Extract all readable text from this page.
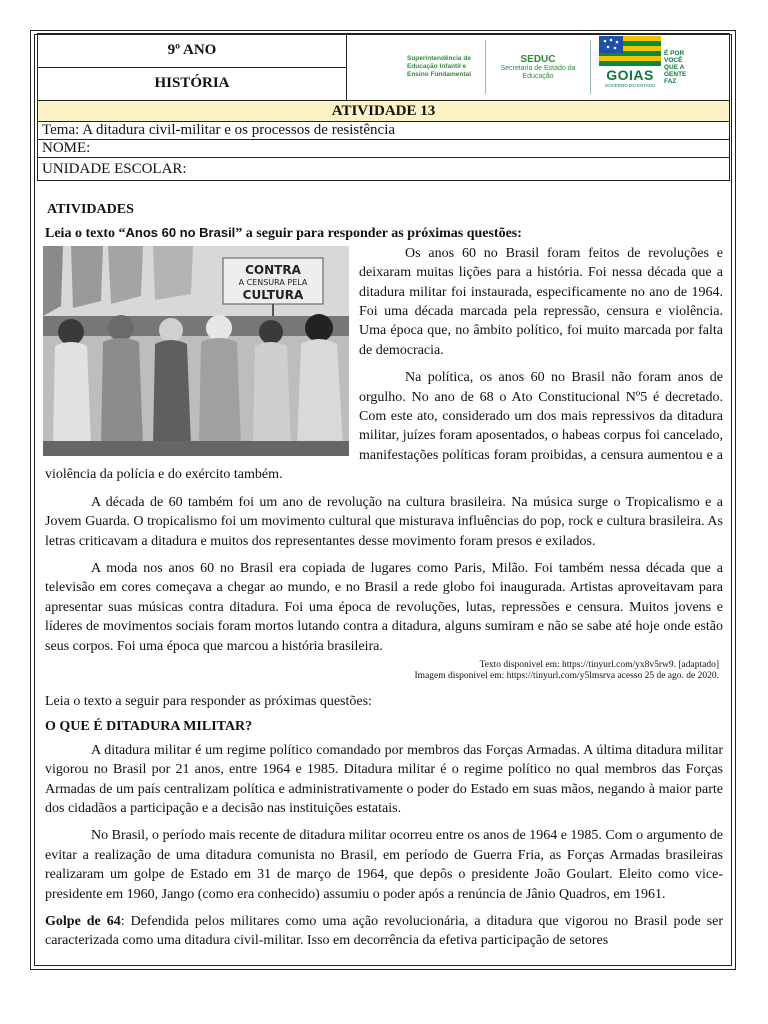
9º ANO	
Superintendência de Educação Infantil e Ensino Fundamental
SEDUC
Secretaria de Estado da Educação	GOIAS
GOVERNO DO ESTADO
É POR VOCÊ QUE A GENTE FAZ

HISTÓRIA
ATIVIDADE 13
Tema: A ditadura civil-militar e os processos de resistência
NOME:
UNIDADE ESCOLAR:
ATIVIDADES

Leia o texto “Anos 60 no Brasil” a seguir para responder as próximas questões:

CONTRA
A CENSURA PELA
CULTURA

Os anos 60 no Brasil foram feitos de revoluções e deixaram muitas lições para a história. Foi nessa década que a ditadura militar foi instaurada, especificamente no ano de 1964. Foi uma década marcada pela repressão, censura e violência. Uma época que, no âmbito político, foi muito marcada por falta de democracia.

Na política, os anos 60 no Brasil não foram anos de orgulho. No ano de 68 o Ato Constitucional Nº5 é decretado. Com este ato, considerado um dos mais repressivos da ditadura militar, juízes foram aposentados, o habeas corpus foi cancelado, manifestações políticas foram proibidas, a censura aumentou e a violência da polícia e do exército também.

A década de 60 também foi um ano de revolução na cultura brasileira. Na música surge o Tropicalismo e a Jovem Guarda. O tropicalismo foi um movimento cultural que misturava influências do pop, rock e cultura brasileira. As letras criticavam a ditadura e muitos dos representantes desse movimento foram presos e exilados.

A moda nos anos 60 no Brasil era copiada de lugares como Paris, Milão. Foi também nessa década que a televisão em cores começava a chegar ao mundo, e no Brasil a rede globo foi inaugurada. Artistas aproveitavam para apresentar suas músicas contra ditadura. Foi uma época de revoluções, lutas, repressões e censura. Muitos jovens e líderes de movimentos sociais foram mortos lutando contra a ditadura, alguns sumiram e não se sabe até hoje onde estão seus corpos. Foi uma época que marcou a história brasileira.

Texto disponível em: https://tinyurl.com/yx8v5rw9. [adaptado]
Imagem disponível em: https://tinyurl.com/y5lmsrva acesso 25 de ago. de 2020.

Leia o texto a seguir para responder as próximas questões:

O QUE É DITADURA MILITAR?

A ditadura militar é um regime político comandado por membros das Forças Armadas. A última ditadura militar vigorou no Brasil por 21 anos, entre 1964 e 1985. Ditadura militar é o regime político no qual membros das Forças Armadas de um país centralizam política e administrativamente o poder do Estado em suas mãos, negando à maior parte dos cidadãos a participação e a decisão nas instituições estatais.

No Brasil, o período mais recente de ditadura militar ocorreu entre os anos de 1964 e 1985. Com o argumento de evitar a realização de uma ditadura comunista no Brasil, em período de Guerra Fria, as Forças Armadas brasileiras realizaram um golpe de Estado em 31 de março de 1964, que depôs o presidente João Goulart. Eleito como vice-presidente em 1960, Jango (como era conhecido) assumiu o poder após a renúncia de Jânio Quadros, em 1961.

Golpe de 64: Defendida pelos militares como uma ação revolucionária, a ditadura que vigorou no Brasil pode ser caracterizada como uma ditadura civil-militar. Isso em decorrência da efetiva participação de setores
